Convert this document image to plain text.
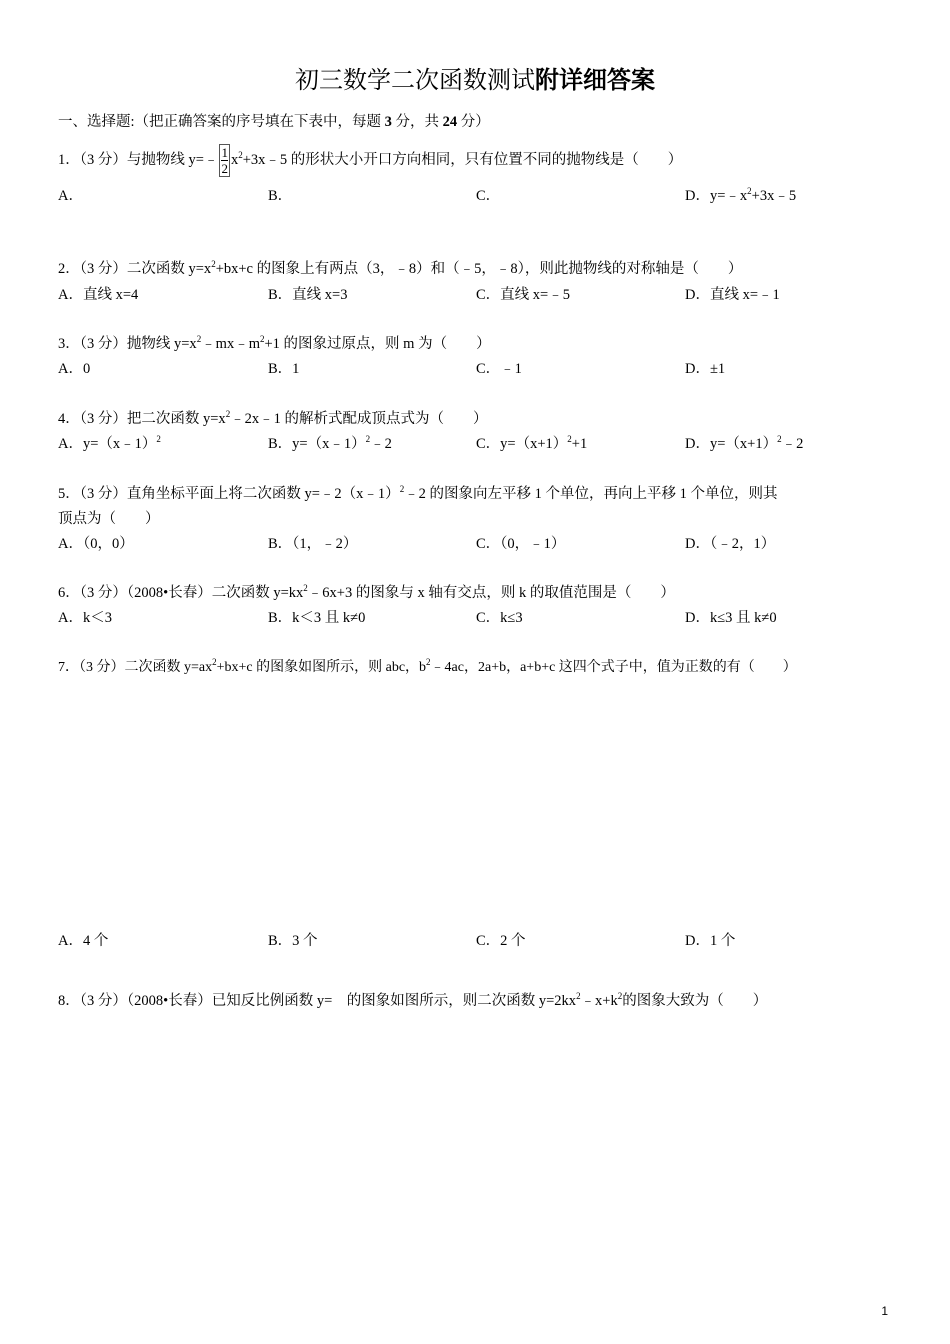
初三数学二次函数测试附详细答案
一、选择题:（把正确答案的序号填在下表中，每题 3 分，共 24 分）
1．（3 分）与抛物线 y=﹣ $\frac{1}{2}$ $x^2+3x﹣5$ 的形状大小开口方向相同，只有位置不同的抛物线是（　　）
A．	B．	C．	D．$y=﹣x^2+3x﹣5$
2．（3 分）二次函数 $y=x^2+bx+c$ 的图象上有两点（3，﹣8）和（﹣5，﹣8），则此抛物线的对称轴是（　　）
A．直线 x=4	B．直线 x=3	C．直线 x=﹣5	D．直线 x=﹣1
3．（3 分）抛物线 $y=x^2﹣mx﹣m^2+1$ 的图象过原点，则 m 为（　　）
A．0	B．1	C．﹣1	D．±1
4．（3 分）把二次函数 $y=x^2﹣2x﹣1$ 的解析式配成顶点式为（　　）
A．y=（x﹣1）$^2$	B．y=（x﹣1）$^2$﹣2	C．$y=(x+1)^2+1$	D．$y=(x+1)^2﹣2$
5．（3 分）直角坐标平面上将二次函数 y=﹣2（x﹣1）$^2$﹣2 的图象向左平移 1 个单位，再向上平移 1 个单位，则其
顶点为（　　）
A．（0，0）	B．（1，﹣2）	C．（0，﹣1）	D．（﹣2，1）
6．（3 分）（2008•长春）二次函数 $y=kx^2﹣6x+3$ 的图象与 x 轴有交点，则 k 的取值范围是（　　）
A．k＜3	B．k＜3 且 k≠0	C．k≤3	D．k≤3 且 k≠0
7．（3 分）二次函数 $y=ax^2+bx+c$ 的图象如图所示，则 abc，$b^2﹣4ac$，2a+b，a+b+c 这四个式子中，值为正数的有（　　）
A．4 个	B．3 个	C．2 个	D．1 个
8．（3 分）（2008•长春）已知反比例函数 y=　的图象如图所示，则二次函数 $y=2kx^2﹣x+k^2$的图象大致为（　　）
1
